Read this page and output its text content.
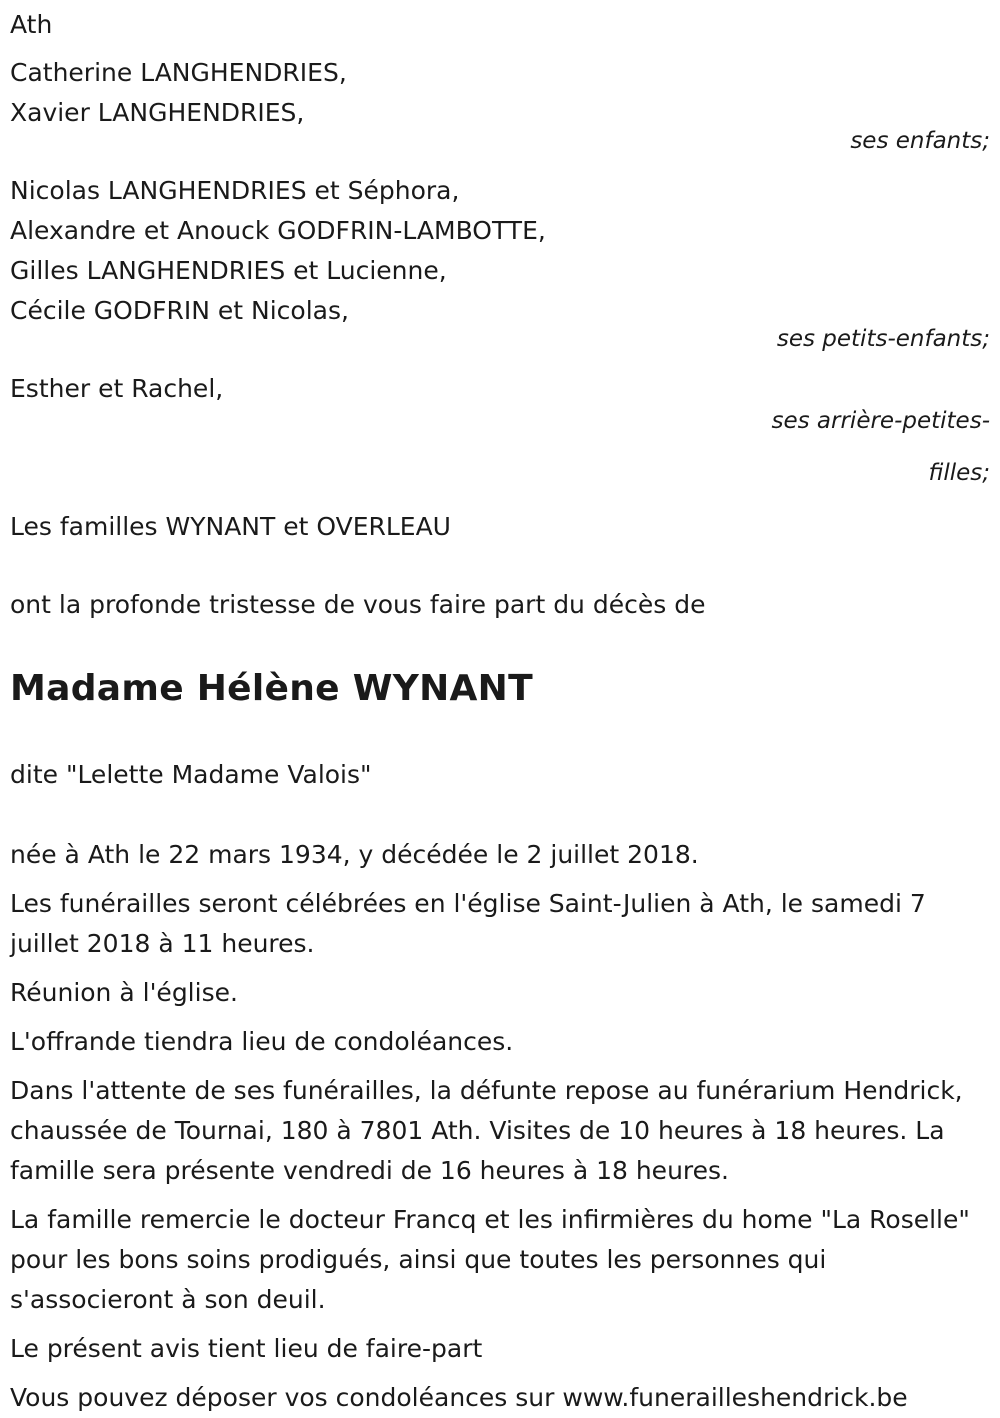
Ath
Catherine LANGHENDRIES,
Xavier LANGHENDRIES,
ses enfants;
Nicolas LANGHENDRIES et Séphora,
Alexandre et Anouck GODFRIN-LAMBOTTE,
Gilles LANGHENDRIES et Lucienne,
Cécile GODFRIN et Nicolas,
ses petits-enfants;
Esther et Rachel,
ses arrière-petites-filles;
Les familles WYNANT et OVERLEAU
ont la profonde tristesse de vous faire part du décès de
Madame Hélène WYNANT
dite "Lelette Madame Valois"
née à Ath le 22 mars 1934, y décédée le 2 juillet 2018.
Les funérailles seront célébrées en l'église Saint-Julien à Ath, le samedi 7 juillet 2018 à 11 heures.
Réunion à l'église.
L'offrande tiendra lieu de condoléances.
Dans l'attente de ses funérailles, la défunte repose au funérarium Hendrick, chaussée de Tournai, 180 à 7801 Ath. Visites de 10 heures à 18 heures. La famille sera présente vendredi de 16 heures à 18 heures.
La famille remercie le docteur Francq et les infirmières du home "La Roselle" pour les bons soins prodigués, ainsi que toutes les personnes qui s'associeront à son deuil.
Le présent avis tient lieu de faire-part
Vous pouvez déposer vos condoléances sur www.funerailleshendrick.be
